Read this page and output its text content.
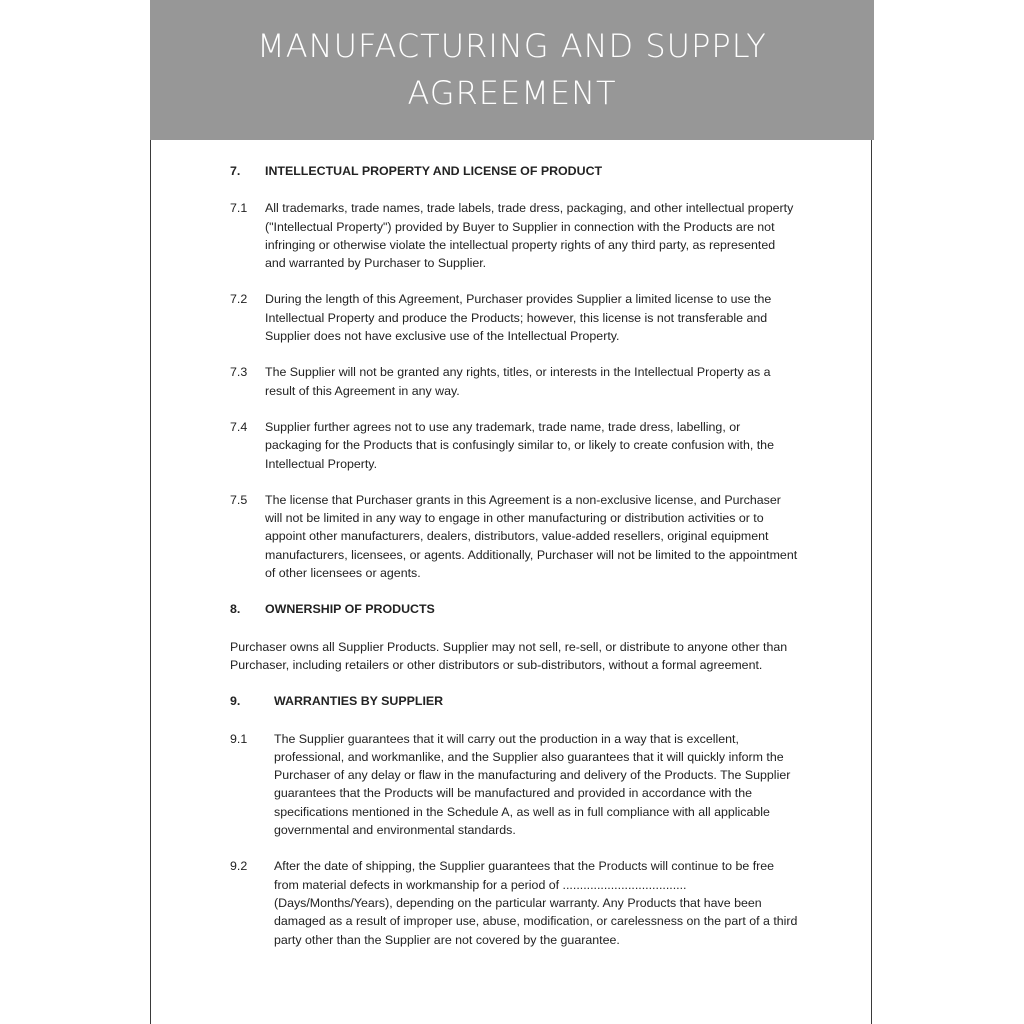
MANUFACTURING AND SUPPLY AGREEMENT
7.	INTELLECTUAL PROPERTY AND LICENSE OF PRODUCT
7.1	All trademarks, trade names, trade labels, trade dress, packaging, and other intellectual property ("Intellectual Property") provided by Buyer to Supplier in connection with the Products are not infringing or otherwise violate the intellectual property rights of any third party, as represented and warranted by Purchaser to Supplier.
7.2	During the length of this Agreement, Purchaser provides Supplier a limited license to use the Intellectual Property and produce the Products; however, this license is not transferable and Supplier does not have exclusive use of the Intellectual Property.
7.3	The Supplier will not be granted any rights, titles, or interests in the Intellectual Property as a result of this Agreement in any way.
7.4	Supplier further agrees not to use any trademark, trade name, trade dress, labelling, or packaging for the Products that is confusingly similar to, or likely to create confusion with, the Intellectual Property.
7.5	The license that Purchaser grants in this Agreement is a non-exclusive license, and Purchaser will not be limited in any way to engage in other manufacturing or distribution activities or to appoint other manufacturers, dealers, distributors, value-added resellers, original equipment manufacturers, licensees, or agents. Additionally, Purchaser will not be limited to the appointment of other licensees or agents.
8.	OWNERSHIP OF PRODUCTS
Purchaser owns all Supplier Products. Supplier may not sell, re-sell, or distribute to anyone other than Purchaser, including retailers or other distributors or sub-distributors, without a formal agreement.
9.	WARRANTIES BY SUPPLIER
9.1	The Supplier guarantees that it will carry out the production in a way that is excellent, professional, and workmanlike, and the Supplier also guarantees that it will quickly inform the Purchaser of any delay or flaw in the manufacturing and delivery of the Products. The Supplier guarantees that the Products will be manufactured and provided in accordance with the specifications mentioned in the Schedule A, as well as in full compliance with all applicable governmental and environmental standards.
9.2	After the date of shipping, the Supplier guarantees that the Products will continue to be free from material defects in workmanship for a period of .................................... (Days/Months/Years), depending on the particular warranty. Any Products that have been damaged as a result of improper use, abuse, modification, or carelessness on the part of a third party other than the Supplier are not covered by the guarantee.
